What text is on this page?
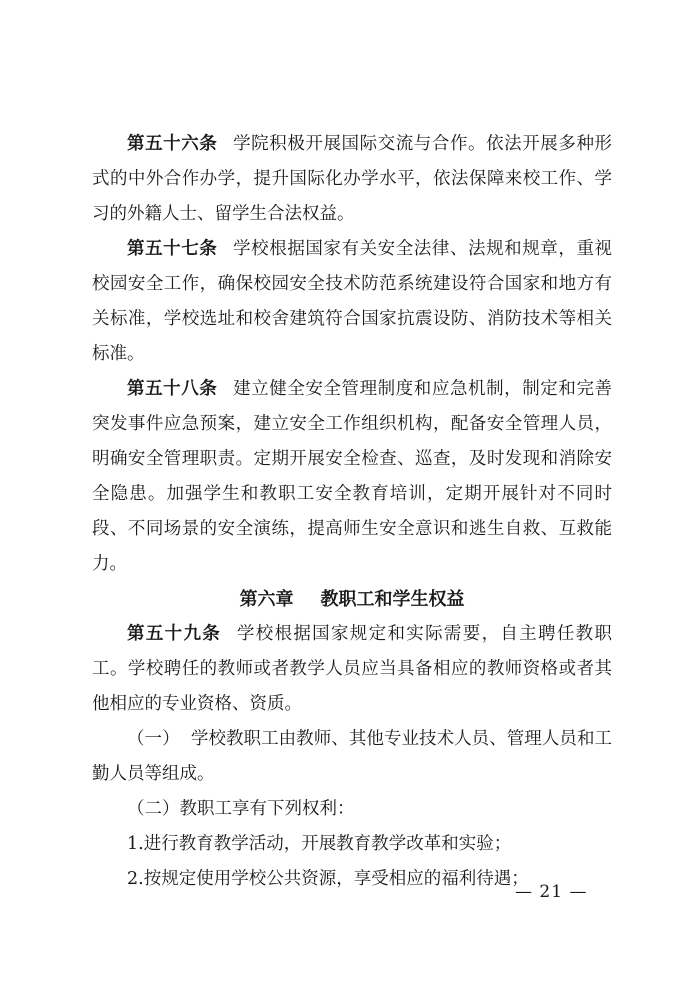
第五十六条 学院积极开展国际交流与合作。依法开展多种形式的中外合作办学，提升国际化办学水平，依法保障来校工作、学习的外籍人士、留学生合法权益。

第五十七条 学校根据国家有关安全法律、法规和规章，重视校园安全工作，确保校园安全技术防范系统建设符合国家和地方有关标准，学校选址和校舍建筑符合国家抗震设防、消防技术等相关标准。

第五十八条 建立健全安全管理制度和应急机制，制定和完善突发事件应急预案，建立安全工作组织机构，配备安全管理人员，明确安全管理职责。定期开展安全检查、巡查，及时发现和消除安全隐患。加强学生和教职工安全教育培训，定期开展针对不同时段、不同场景的安全演练，提高师生安全意识和逃生自救、互救能力。

第六章 教职工和学生权益

第五十九条 学校根据国家规定和实际需要，自主聘任教职工。学校聘任的教师或者教学人员应当具备相应的教师资格或者其他相应的专业资格、资质。

（一） 学校教职工由教师、其他专业技术人员、管理人员和工勤人员等组成。

（二）教职工享有下列权利：

1.进行教育教学活动，开展教育教学改革和实验；

2.按规定使用学校公共资源，享受相应的福利待遇；

— 21 —
